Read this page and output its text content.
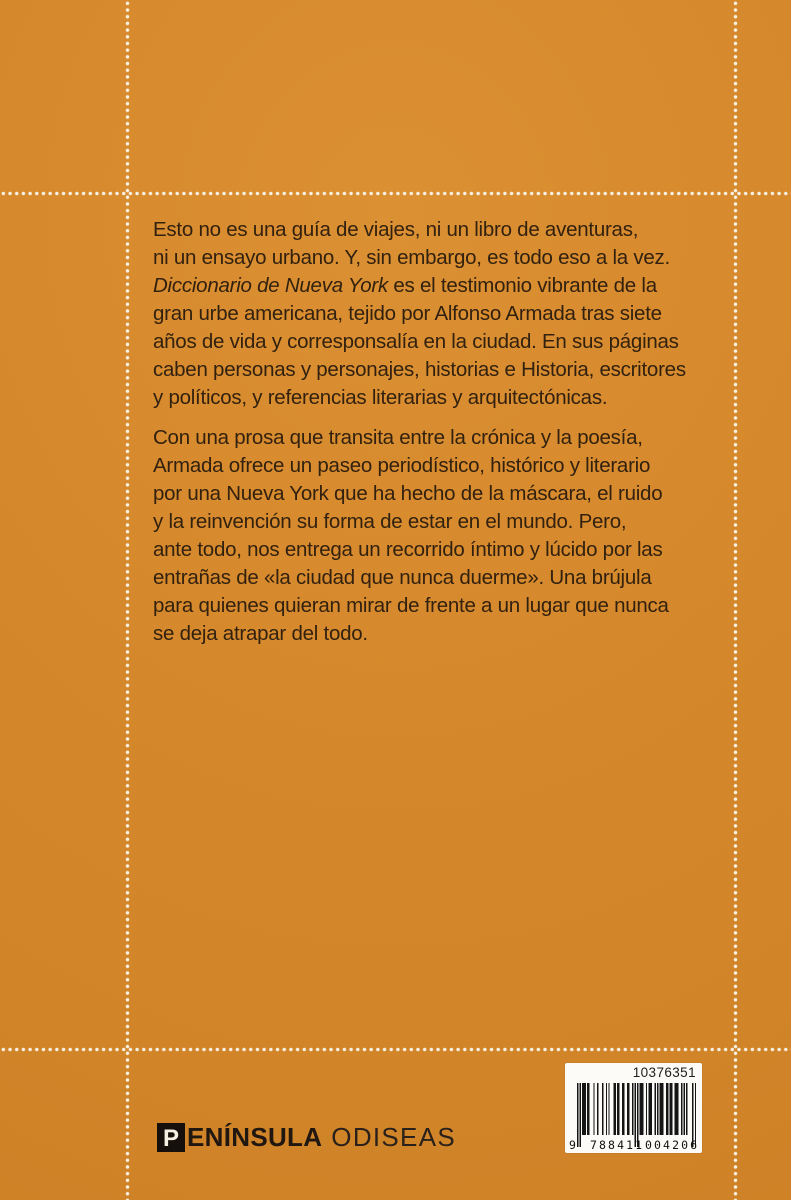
Esto no es una guía de viajes, ni un libro de aventuras,
ni un ensayo urbano. Y, sin embargo, es todo eso a la vez.
Diccionario de Nueva York es el testimonio vibrante de la
gran urbe americana, tejido por Alfonso Armada tras siete
años de vida y corresponsalía en la ciudad. En sus páginas
caben personas y personajes, historias e Historia, escritores
y políticos, y referencias literarias y arquitectónicas.
Con una prosa que transita entre la crónica y la poesía,
Armada ofrece un paseo periodístico, histórico y literario
por una Nueva York que ha hecho de la máscara, el ruido
y la reinvención su forma de estar en el mundo. Pero,
ante todo, nos entrega un recorrido íntimo y lúcido por las
entrañas de «la ciudad que nunca duerme». Una brújula
para quienes quieran mirar de frente a un lugar que nunca
se deja atrapar del todo.
P ENÍNSULA ODISEAS
10376351
9 788411 004206
